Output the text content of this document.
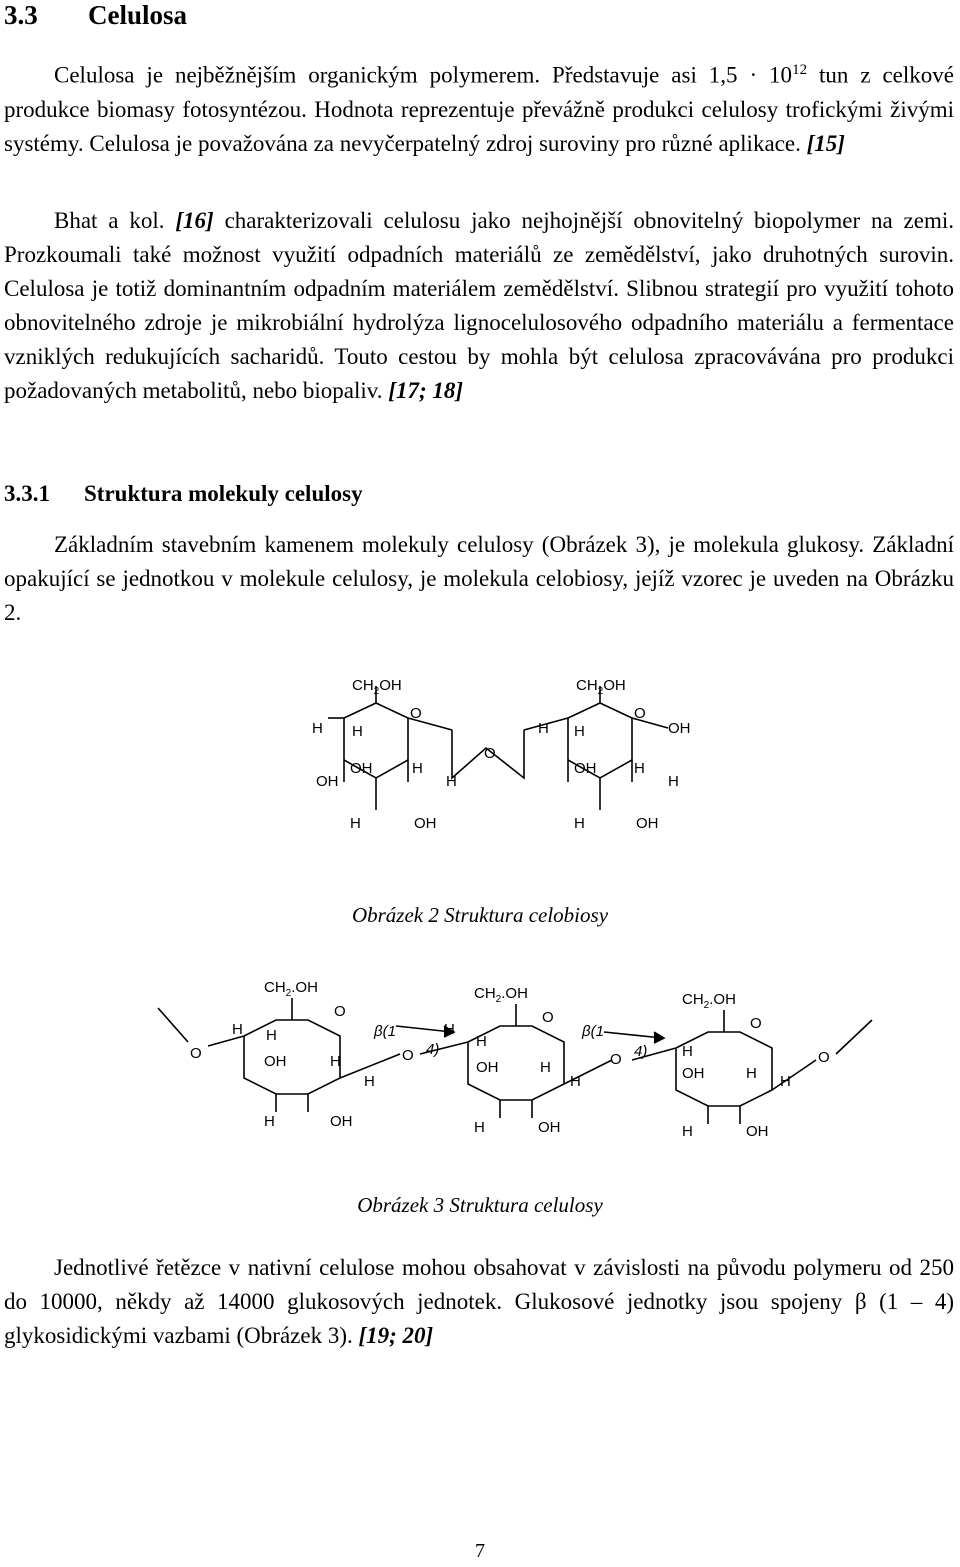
3.3 Celulosa
Celulosa je nejběžnějším organickým polymerem. Představuje asi $1,5 \cdot 10^{12}$ tun z celkové produkce biomasy fotosyntézou. Hodnota reprezentuje převážně produkci celulosy trofickými živými systémy. Celulosa je považována za nevyčerpatelný zdroj suroviny pro různé aplikace. [15]
Bhat a kol. [16] charakterizovali celulosu jako nejhojnější obnovitelný biopolymer na zemi. Prozkoumali také možnost využití odpadních materiálů ze zemědělství, jako druhotných surovin. Celulosa je totiž dominantním odpadním materiálem zemědělství. Slibnou strategií pro využití tohoto obnovitelného zdroje je mikrobiální hydrolýza lignocelulosového odpadního materiálu a fermentace vzniklých redukujících sacharidů. Touto cestou by mohla být celulosa zpracovávána pro produkci požadovaných metabolitů, nebo biopaliv. [17; 18]
3.3.1 Struktura molekuly celulosy
Základním stavebním kamenem molekuly celulosy (Obrázek 3), je molekula glukosy. Základní opakující se jednotkou v molekule celulosy, je molekula celobiosy, jejíž vzorec je uveden na Obrázku 2.
$CH_2OH$
O
H H
OH
OH	H
H
H	OH
O
$CH_2OH$
O
H H	OH
OH	H
H
H	OH
Obrázek 2 Struktura celobiosy
$CH_2.OH$
O
H H
O
OH	H
H
H	OH
β(1
4)
O
$CH_2.OH$
H
H
O
OH	H
H
H	OH
β(1
4)
O
$CH_2.OH$
O
H
OH	H H
O
H	OH
Obrázek 3 Struktura celulosy
Jednotlivé řetězce v nativní celulose mohou obsahovat v závislosti na původu polymeru od 250 do 10000, někdy až 14000 glukosových jednotek. Glukosové jednotky jsou spojeny β (1 – 4) glykosidickými vazbami (Obrázek 3). [19; 20]
7
